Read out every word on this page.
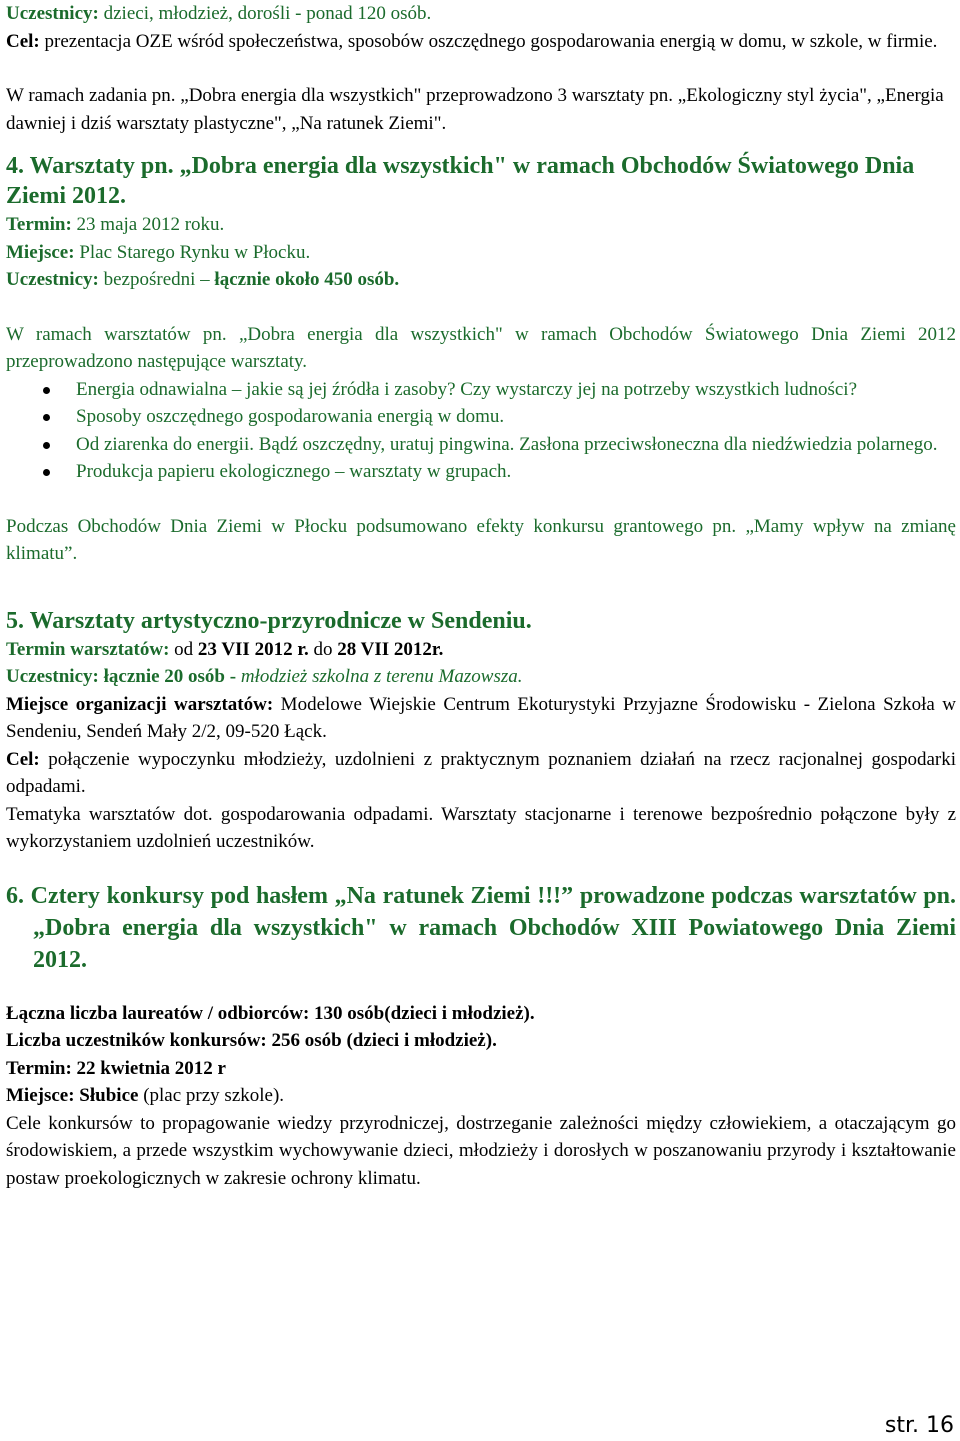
Uczestnicy: dzieci, młodzież, dorośli - ponad 120 osób.

Cel: prezentacja OZE wśród społeczeństwa, sposobów oszczędnego gospodarowania energią w domu, w szkole, w firmie.

W ramach zadania pn. „Dobra energia dla wszystkich" przeprowadzono 3 warsztaty pn. „Ekologiczny styl życia", „Energia dawniej i dziś warsztaty plastyczne", „Na ratunek Ziemi".

4. Warsztaty pn. „Dobra energia dla wszystkich" w ramach Obchodów Światowego Dnia Ziemi 2012.

Termin: 23 maja 2012 roku.

Miejsce: Plac Starego Rynku w Płocku.

Uczestnicy: bezpośredni – łącznie około 450 osób.

W ramach warsztatów pn. „Dobra energia dla wszystkich" w ramach Obchodów Światowego Dnia Ziemi 2012 przeprowadzono następujące warsztaty.

Energia odnawialna – jakie są jej źródła i zasoby? Czy wystarczy jej na potrzeby wszystkich ludności?
Sposoby oszczędnego gospodarowania energią w domu.
Od ziarenka do energii. Bądź oszczędny, uratuj pingwina. Zasłona przeciwsłoneczna dla niedźwiedzia polarnego.
Produkcja papieru ekologicznego – warsztaty w grupach.

Podczas Obchodów Dnia Ziemi w Płocku podsumowano efekty konkursu grantowego pn. „Mamy wpływ na zmianę klimatu”.

5. Warsztaty artystyczno-przyrodnicze w Sendeniu.

Termin warsztatów: od 23 VII 2012 r. do 28 VII 2012r.

Uczestnicy: łącznie 20 osób - młodzież szkolna z terenu Mazowsza.

Miejsce organizacji warsztatów: Modelowe Wiejskie Centrum Ekoturystyki Przyjazne Środowisku - Zielona Szkoła w Sendeniu, Sendeń Mały 2/2, 09-520 Łąck.

Cel: połączenie wypoczynku młodzieży, uzdolnieni z praktycznym poznaniem działań na rzecz racjonalnej gospodarki odpadami.

Tematyka warsztatów dot. gospodarowania odpadami. Warsztaty stacjonarne i terenowe bezpośrednio połączone były z wykorzystaniem uzdolnień uczestników.

6. Cztery konkursy pod hasłem „Na ratunek Ziemi !!!” prowadzone podczas warsztatów pn. „Dobra energia dla wszystkich" w ramach Obchodów XIII Powiatowego Dnia Ziemi 2012.

Łączna liczba laureatów / odbiorców: 130 osób(dzieci i młodzież).

Liczba uczestników konkursów: 256 osób (dzieci i młodzież).

Termin: 22 kwietnia 2012 r

Miejsce: Słubice (plac przy szkole).

Cele konkursów to propagowanie wiedzy przyrodniczej, dostrzeganie zależności między człowiekiem, a otaczającym go środowiskiem, a przede wszystkim wychowywanie dzieci, młodzieży i dorosłych w poszanowaniu przyrody i kształtowanie postaw proekologicznych w zakresie ochrony klimatu.

str. 16
